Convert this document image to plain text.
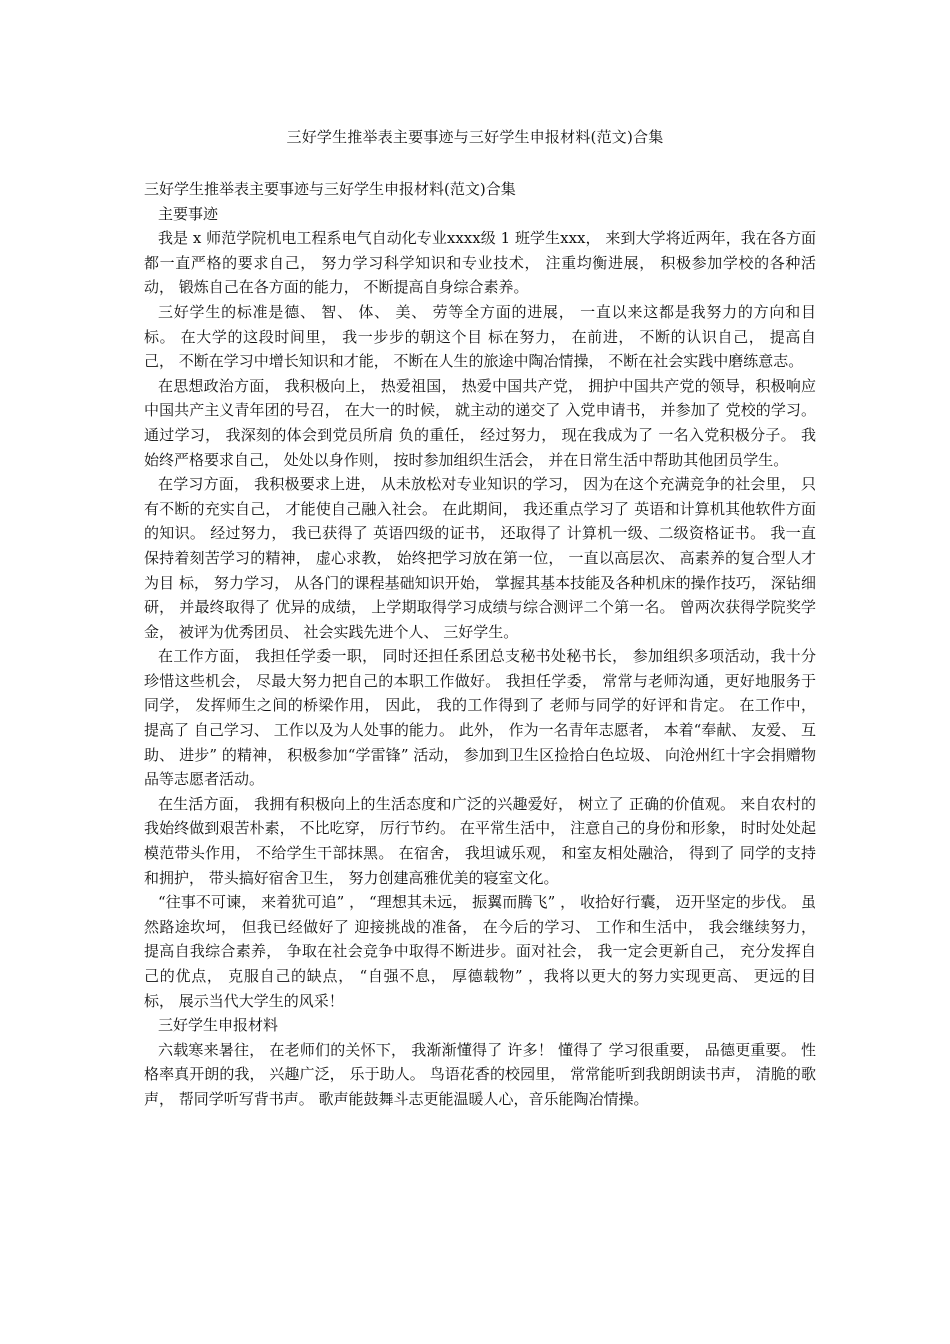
三好学生推举表主要事迹与三好学生申报材料(范文)合集

三好学生推举表主要事迹与三好学生申报材料(范文)合集

主要事迹

我是 x 师范学院机电工程系电气自动化专业xxxx级 1 班学生xxx， 来到大学将近两年，我在各方面都一直严格的要求自己， 努力学习科学知识和专业技术， 注重均衡进展， 积极参加学校的各种活动， 锻炼自己在各方面的能力， 不断提高自身综合素养。

三好学生的标准是德、 智、 体、 美、 劳等全方面的进展， 一直以来这都是我努力的方向和目 标。 在大学的这段时间里， 我一步步的朝这个目 标在努力， 在前进， 不断的认识自己， 提高自己， 不断在学习中增长知识和才能， 不断在人生的旅途中陶冶情操， 不断在社会实践中磨练意志。

在思想政治方面， 我积极向上， 热爱祖国， 热爱中国共产党， 拥护中国共产党的领导，积极响应中国共产主义青年团的号召， 在大一的时候， 就主动的递交了 入党申请书， 并参加了 党校的学习。 通过学习， 我深刻的体会到党员所肩 负的重任， 经过努力， 现在我成为了 一名入党积极分子。 我始终严格要求自己， 处处以身作则， 按时参加组织生活会， 并在日常生活中帮助其他团员学生。

在学习方面， 我积极要求上进， 从未放松对专业知识的学习， 因为在这个充满竞争的社会里， 只有不断的充实自己， 才能使自己融入社会。 在此期间， 我还重点学习了 英语和计算机其他软件方面的知识。 经过努力， 我已获得了 英语四级的证书， 还取得了 计算机一级、二级资格证书。 我一直保持着刻苦学习的精神， 虚心求教， 始终把学习放在第一位， 一直以高层次、 高素养的复合型人才为目 标， 努力学习， 从各门的课程基础知识开始， 掌握其基本技能及各种机床的操作技巧， 深钻细研， 并最终取得了 优异的成绩， 上学期取得学习成绩与综合测评二个第一名。 曾两次获得学院奖学金， 被评为优秀团员、 社会实践先进个人、 三好学生。

在工作方面， 我担任学委一职， 同时还担任系团总支秘书处秘书长， 参加组织多项活动，我十分珍惜这些机会， 尽最大努力把自己的本职工作做好。 我担任学委， 常常与老师沟通，更好地服务于同学， 发挥师生之间的桥梁作用， 因此， 我的工作得到了 老师与同学的好评和肯定。 在工作中， 提高了 自己学习、 工作以及为人处事的能力。 此外， 作为一名青年志愿者， 本着“奉献、 友爱、 互助、 进步” 的精神， 积极参加“学雷锋” 活动， 参加到卫生区捡拾白色垃圾、 向沧州红十字会捐赠物品等志愿者活动。

在生活方面， 我拥有积极向上的生活态度和广泛的兴趣爱好， 树立了 正确的价值观。 来自农村的我始终做到艰苦朴素， 不比吃穿， 厉行节约。 在平常生活中， 注意自己的身份和形象， 时时处处起模范带头作用， 不给学生干部抹黑。 在宿舍， 我坦诚乐观， 和室友相处融洽， 得到了 同学的支持和拥护， 带头搞好宿舍卫生， 努力创建高雅优美的寝室文化。

“往事不可谏， 来着犹可追” ， “理想其未远， 振翼而腾飞” ， 收拾好行囊， 迈开坚定的步伐。 虽然路途坎坷， 但我已经做好了 迎接挑战的准备， 在今后的学习、 工作和生活中， 我会继续努力， 提高自我综合素养， 争取在社会竞争中取得不断进步。面对社会， 我一定会更新自己， 充分发挥自己的优点， 克服自己的缺点， “自强不息， 厚德载物” ，我将以更大的努力实现更高、 更远的目 标， 展示当代大学生的风采！

三好学生申报材料

六载寒来暑往， 在老师们的关怀下， 我渐渐懂得了 许多！ 懂得了 学习很重要， 品德更重要。 性格率真开朗的我， 兴趣广泛， 乐于助人。 鸟语花香的校园里， 常常能听到我朗朗读书声， 清脆的歌声， 帮同学听写背书声。 歌声能鼓舞斗志更能温暖人心，音乐能陶冶情操。
